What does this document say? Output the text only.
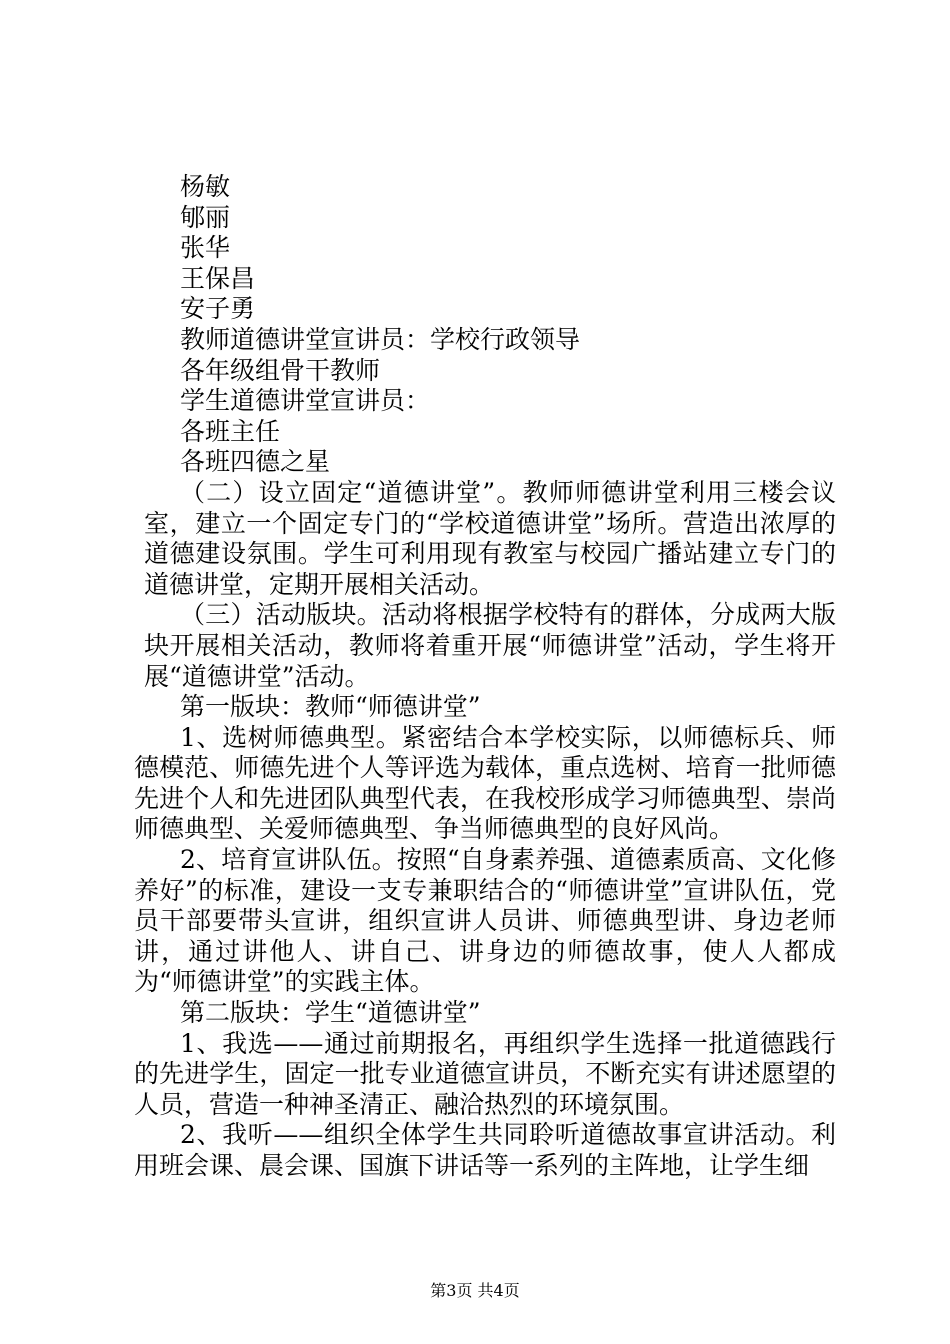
杨敏

郇丽

张华

王保昌

安子勇

教师道德讲堂宣讲员：学校行政领导

各年级组骨干教师

学生道德讲堂宣讲员：

各班主任

各班四德之星

（二）设立固定“道德讲堂”。教师师德讲堂利用三楼会议室，建立一个固定专门的“学校道德讲堂”场所。营造出浓厚的道德建设氛围。学生可利用现有教室与校园广播站建立专门的道德讲堂，定期开展相关活动。

（三）活动版块。活动将根据学校特有的群体，分成两大版块开展相关活动，教师将着重开展“师德讲堂”活动，学生将开展“道德讲堂”活动。

第一版块：教师“师德讲堂”

1、选树师德典型。紧密结合本学校实际，以师德标兵、师德模范、师德先进个人等评选为载体，重点选树、培育一批师德先进个人和先进团队典型代表，在我校形成学习师德典型、崇尚师德典型、关爱师德典型、争当师德典型的良好风尚。

2、培育宣讲队伍。按照“自身素养强、道德素质高、文化修养好”的标准，建设一支专兼职结合的“师德讲堂”宣讲队伍，党员干部要带头宣讲，组织宣讲人员讲、师德典型讲、身边老师讲，通过讲他人、讲自己、讲身边的师德故事，使人人都成为“师德讲堂”的实践主体。

第二版块：学生“道德讲堂”

1、我选——通过前期报名，再组织学生选择一批道德践行的先进学生，固定一批专业道德宣讲员，不断充实有讲述愿望的人员，营造一种神圣清正、融洽热烈的环境氛围。

2、我听——组织全体学生共同聆听道德故事宣讲活动。利用班会课、晨会课、国旗下讲话等一系列的主阵地，让学生细

第3页 共4页
